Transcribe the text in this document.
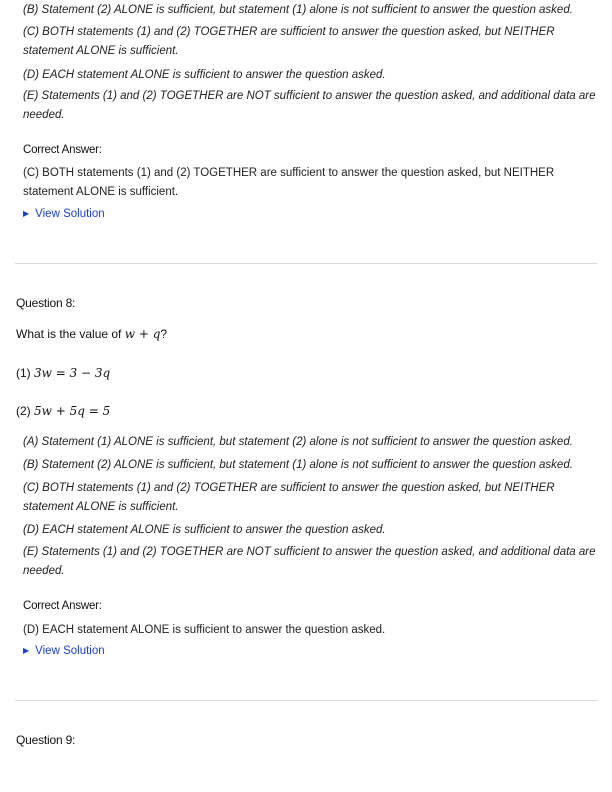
(B) Statement (2) ALONE is sufficient, but statement (1) alone is not sufficient to answer the question asked.
(C) BOTH statements (1) and (2) TOGETHER are sufficient to answer the question asked, but NEITHER statement ALONE is sufficient.
(D) EACH statement ALONE is sufficient to answer the question asked.
(E) Statements (1) and (2) TOGETHER are NOT sufficient to answer the question asked, and additional data are needed.
Correct Answer:
(C) BOTH statements (1) and (2) TOGETHER are sufficient to answer the question asked, but NEITHER statement ALONE is sufficient.
▶ View Solution
Question 8:
What is the value of w + q?
(1) 3w = 3 − 3q
(2) 5w + 5q = 5
(A) Statement (1) ALONE is sufficient, but statement (2) alone is not sufficient to answer the question asked.
(B) Statement (2) ALONE is sufficient, but statement (1) alone is not sufficient to answer the question asked.
(C) BOTH statements (1) and (2) TOGETHER are sufficient to answer the question asked, but NEITHER statement ALONE is sufficient.
(D) EACH statement ALONE is sufficient to answer the question asked.
(E) Statements (1) and (2) TOGETHER are NOT sufficient to answer the question asked, and additional data are needed.
Correct Answer:
(D) EACH statement ALONE is sufficient to answer the question asked.
▶ View Solution
Question 9:
